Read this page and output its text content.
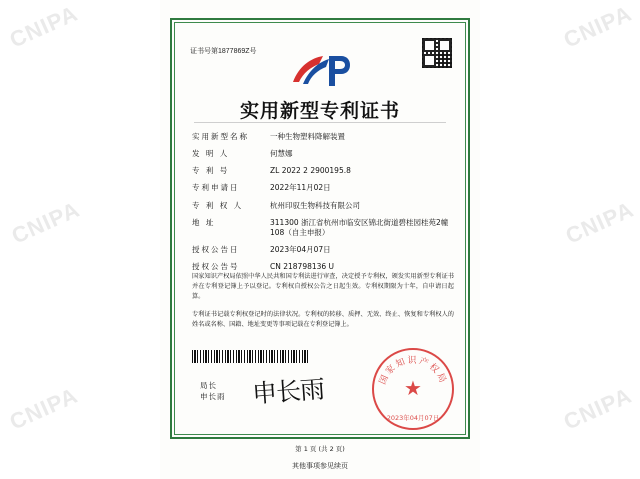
CNIPA
CNIPA
CNIPA
CNIPA
CNIPA
CNIPA
证书号第1877869Z号
实用新型专利证书
实用新型名称	一种生物塑料降解装置
发 明 人	何慧娜
专 利 号	ZL 2022 2 2900195.8
专利申请日	2022年11月02日
专 利 权 人	杭州印驭生物科技有限公司
地 址	311300 浙江省杭州市临安区锦北街道碧桂园桂苑2幢108（自主申报）
授权公告日	2023年04月07日
授权公告号	CN 218798136 U
国家知识产权局依照中华人民共和国专利法进行审查，决定授予专利权，颁发实用新型专利证书并在专利登记簿上予以登记。专利权自授权公告之日起生效。专利权期限为十年，自申请日起算。
专利证书记载专利权登记时的法律状况。专利权的转移、质押、无效、终止、恢复和专利权人的姓名或名称、国籍、地址变更等事项记载在专利登记簿上。
局长
申长雨 申长雨	国家知识产权局
★
2023年04月07日
第 1 页 (共 2 页)
其他事项参见续页
